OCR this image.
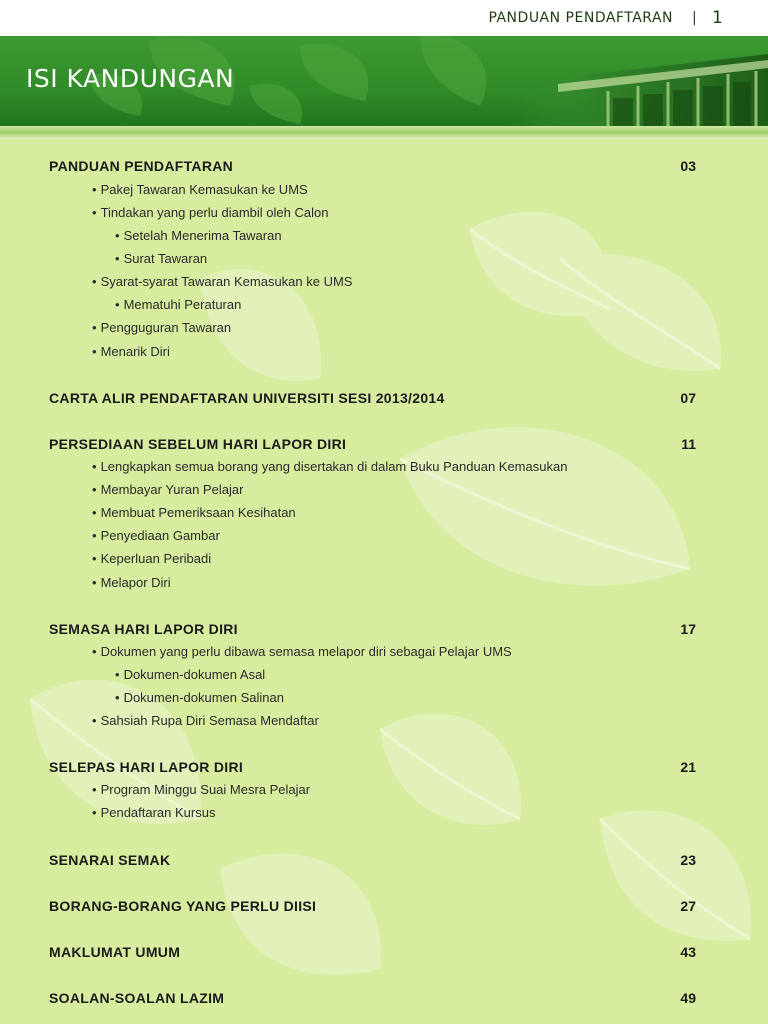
PANDUAN PENDAFTARAN | 1
ISI KANDUNGAN
PANDUAN PENDAFTARAN	03
• Pakej Tawaran Kemasukan ke UMS
• Tindakan yang perlu diambil oleh Calon
• Setelah Menerima Tawaran
• Surat Tawaran
• Syarat-syarat Tawaran Kemasukan ke UMS
• Mematuhi Peraturan
• Pengguguran Tawaran
• Menarik Diri
CARTA ALIR PENDAFTARAN UNIVERSITI SESI 2013/2014	07
PERSEDIAAN SEBELUM HARI LAPOR DIRI	11
• Lengkapkan semua borang yang disertakan di dalam Buku Panduan Kemasukan
• Membayar Yuran Pelajar
• Membuat Pemeriksaan Kesihatan
• Penyediaan Gambar
• Keperluan Peribadi
• Melapor Diri
SEMASA HARI LAPOR DIRI	17
• Dokumen yang perlu dibawa semasa melapor diri sebagai Pelajar UMS
• Dokumen-dokumen Asal
• Dokumen-dokumen Salinan
• Sahsiah Rupa Diri Semasa Mendaftar
SELEPAS HARI LAPOR DIRI	21
• Program Minggu Suai Mesra Pelajar
• Pendaftaran Kursus
SENARAI SEMAK	23
BORANG-BORANG YANG PERLU DIISI	27
MAKLUMAT UMUM	43
SOALAN-SOALAN LAZIM	49
